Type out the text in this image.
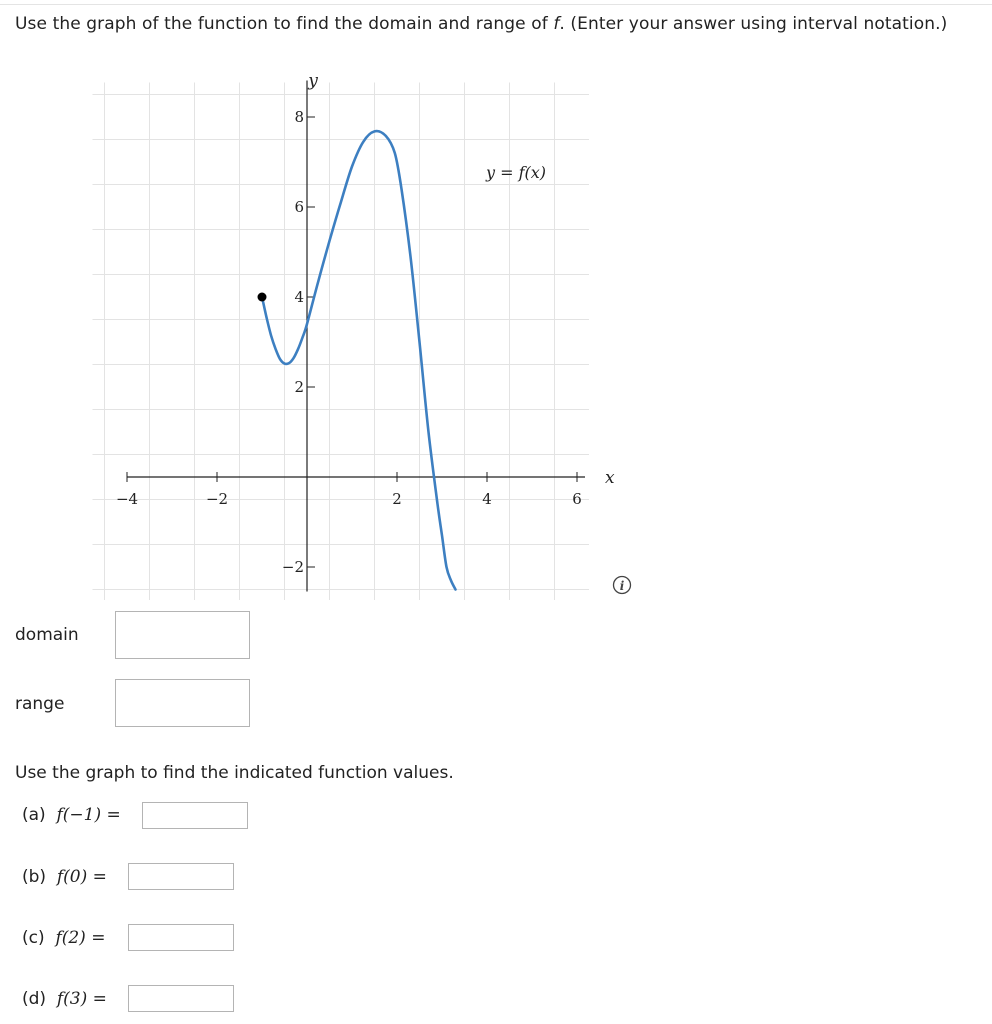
Use the graph of the function to find the domain and range of f. (Enter your answer using interval notation.)
x
y
−4	−2	2	4	6
−2
2
4
6
8
y = f(x)
i
domain
range
Use the graph to find the indicated function values.
(a) f(−1) =
(b) f(0) =
(c) f(2) =
(d) f(3) =
